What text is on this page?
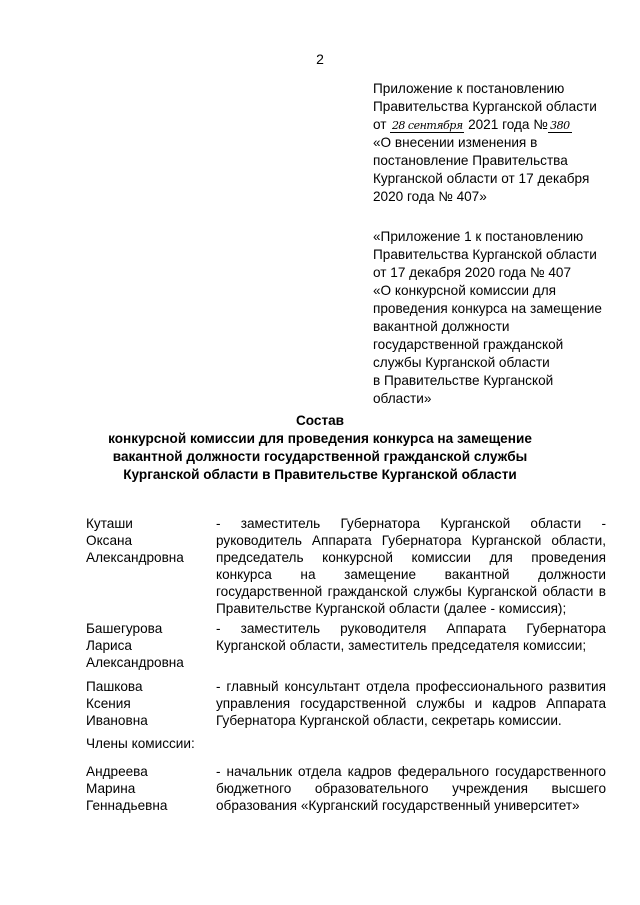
2

Приложение к постановлению

Правительства Курганской области

от 28 сентября 2021 года № 380

«О внесении изменения в

постановление Правительства

Курганской области от 17 декабря

2020 года № 407»

«Приложение 1 к постановлению

Правительства Курганской области

от 17 декабря 2020 года № 407

«О конкурсной комиссии для

проведения конкурса на замещение

вакантной должности

государственной гражданской

службы Курганской области

в Правительстве Курганской

области»

Состав
конкурсной комиссии для проведения конкурса на замещение
вакантной должности государственной гражданской службы
Курганской области в Правительстве Курганской области
Куташи
Оксана
Александровна
- заместитель Губернатора Курганской области - руководитель Аппарата Губернатора Курганской области, председатель конкурсной комиссии для проведения конкурса на замещение вакантной должности государственной гражданской службы Курганской области в Правительстве Курганской области (далее - комиссия);
Башегурова
Лариса
Александровна
- заместитель руководителя Аппарата Губернатора Курганской области, заместитель председателя комиссии;
Пашкова
Ксения
Ивановна
- главный консультант отдела профессионального развития управления государственной службы и кадров Аппарата Губернатора Курганской области, секретарь комиссии.
Члены комиссии:
Андреева
Марина
Геннадьевна
- начальник отдела кадров федерального государственного бюджетного образовательного учреждения высшего образования «Курганский государственный университет»
